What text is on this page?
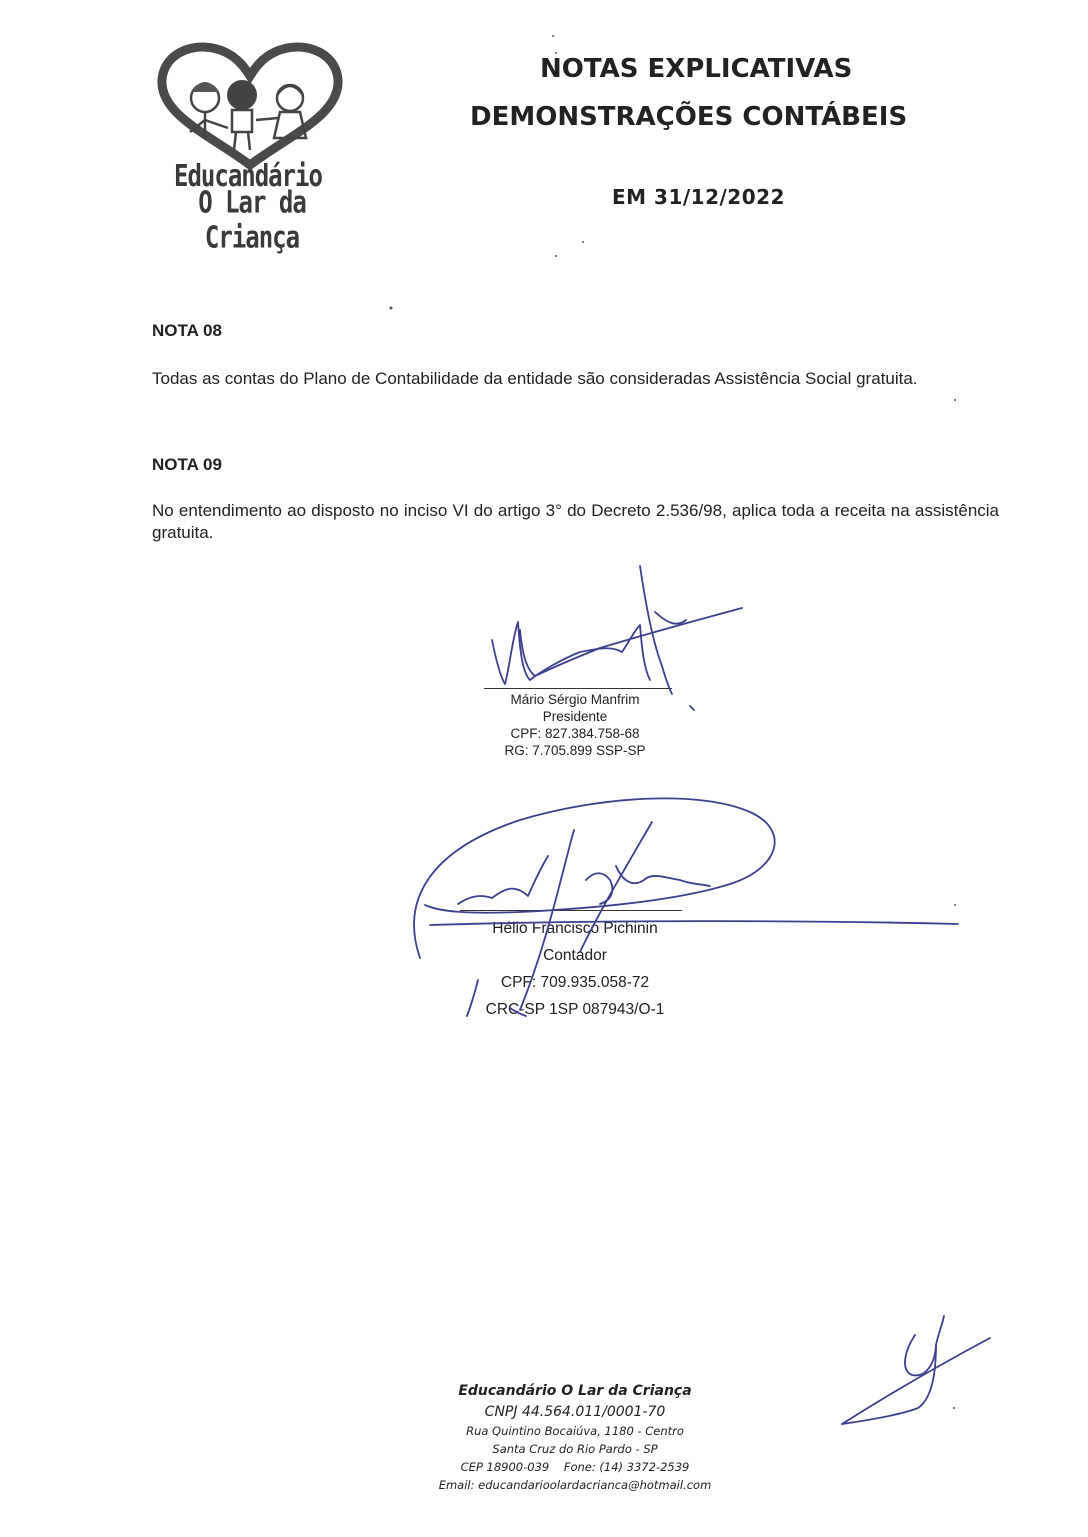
Educandário
O Lar da Criança
NOTAS EXPLICATIVAS
DEMONSTRAÇÕES CONTÁBEIS
EM 31/12/2022
NOTA 08
Todas as contas do Plano de Contabilidade da entidade são consideradas Assistência Social gratuita.
NOTA 09
No entendimento ao disposto no inciso VI do artigo 3° do Decreto 2.536/98, aplica toda a receita na assistência gratuita.
Mário Sérgio Manfrim
Presidente
CPF: 827.384.758-68
RG: 7.705.899 SSP-SP
Hélio Francisco Pichinin
Contador
CPF: 709.935.058-72
CRC-SP 1SP 087943/O-1
Educandário O Lar da Criança
CNPJ 44.564.011/0001-70
Rua Quintino Bocaiúva, 1180 - Centro
Santa Cruz do Rio Pardo - SP
CEP 18900-039    Fone: (14) 3372-2539
Email: educandarioolardacrianca@hotmail.com
